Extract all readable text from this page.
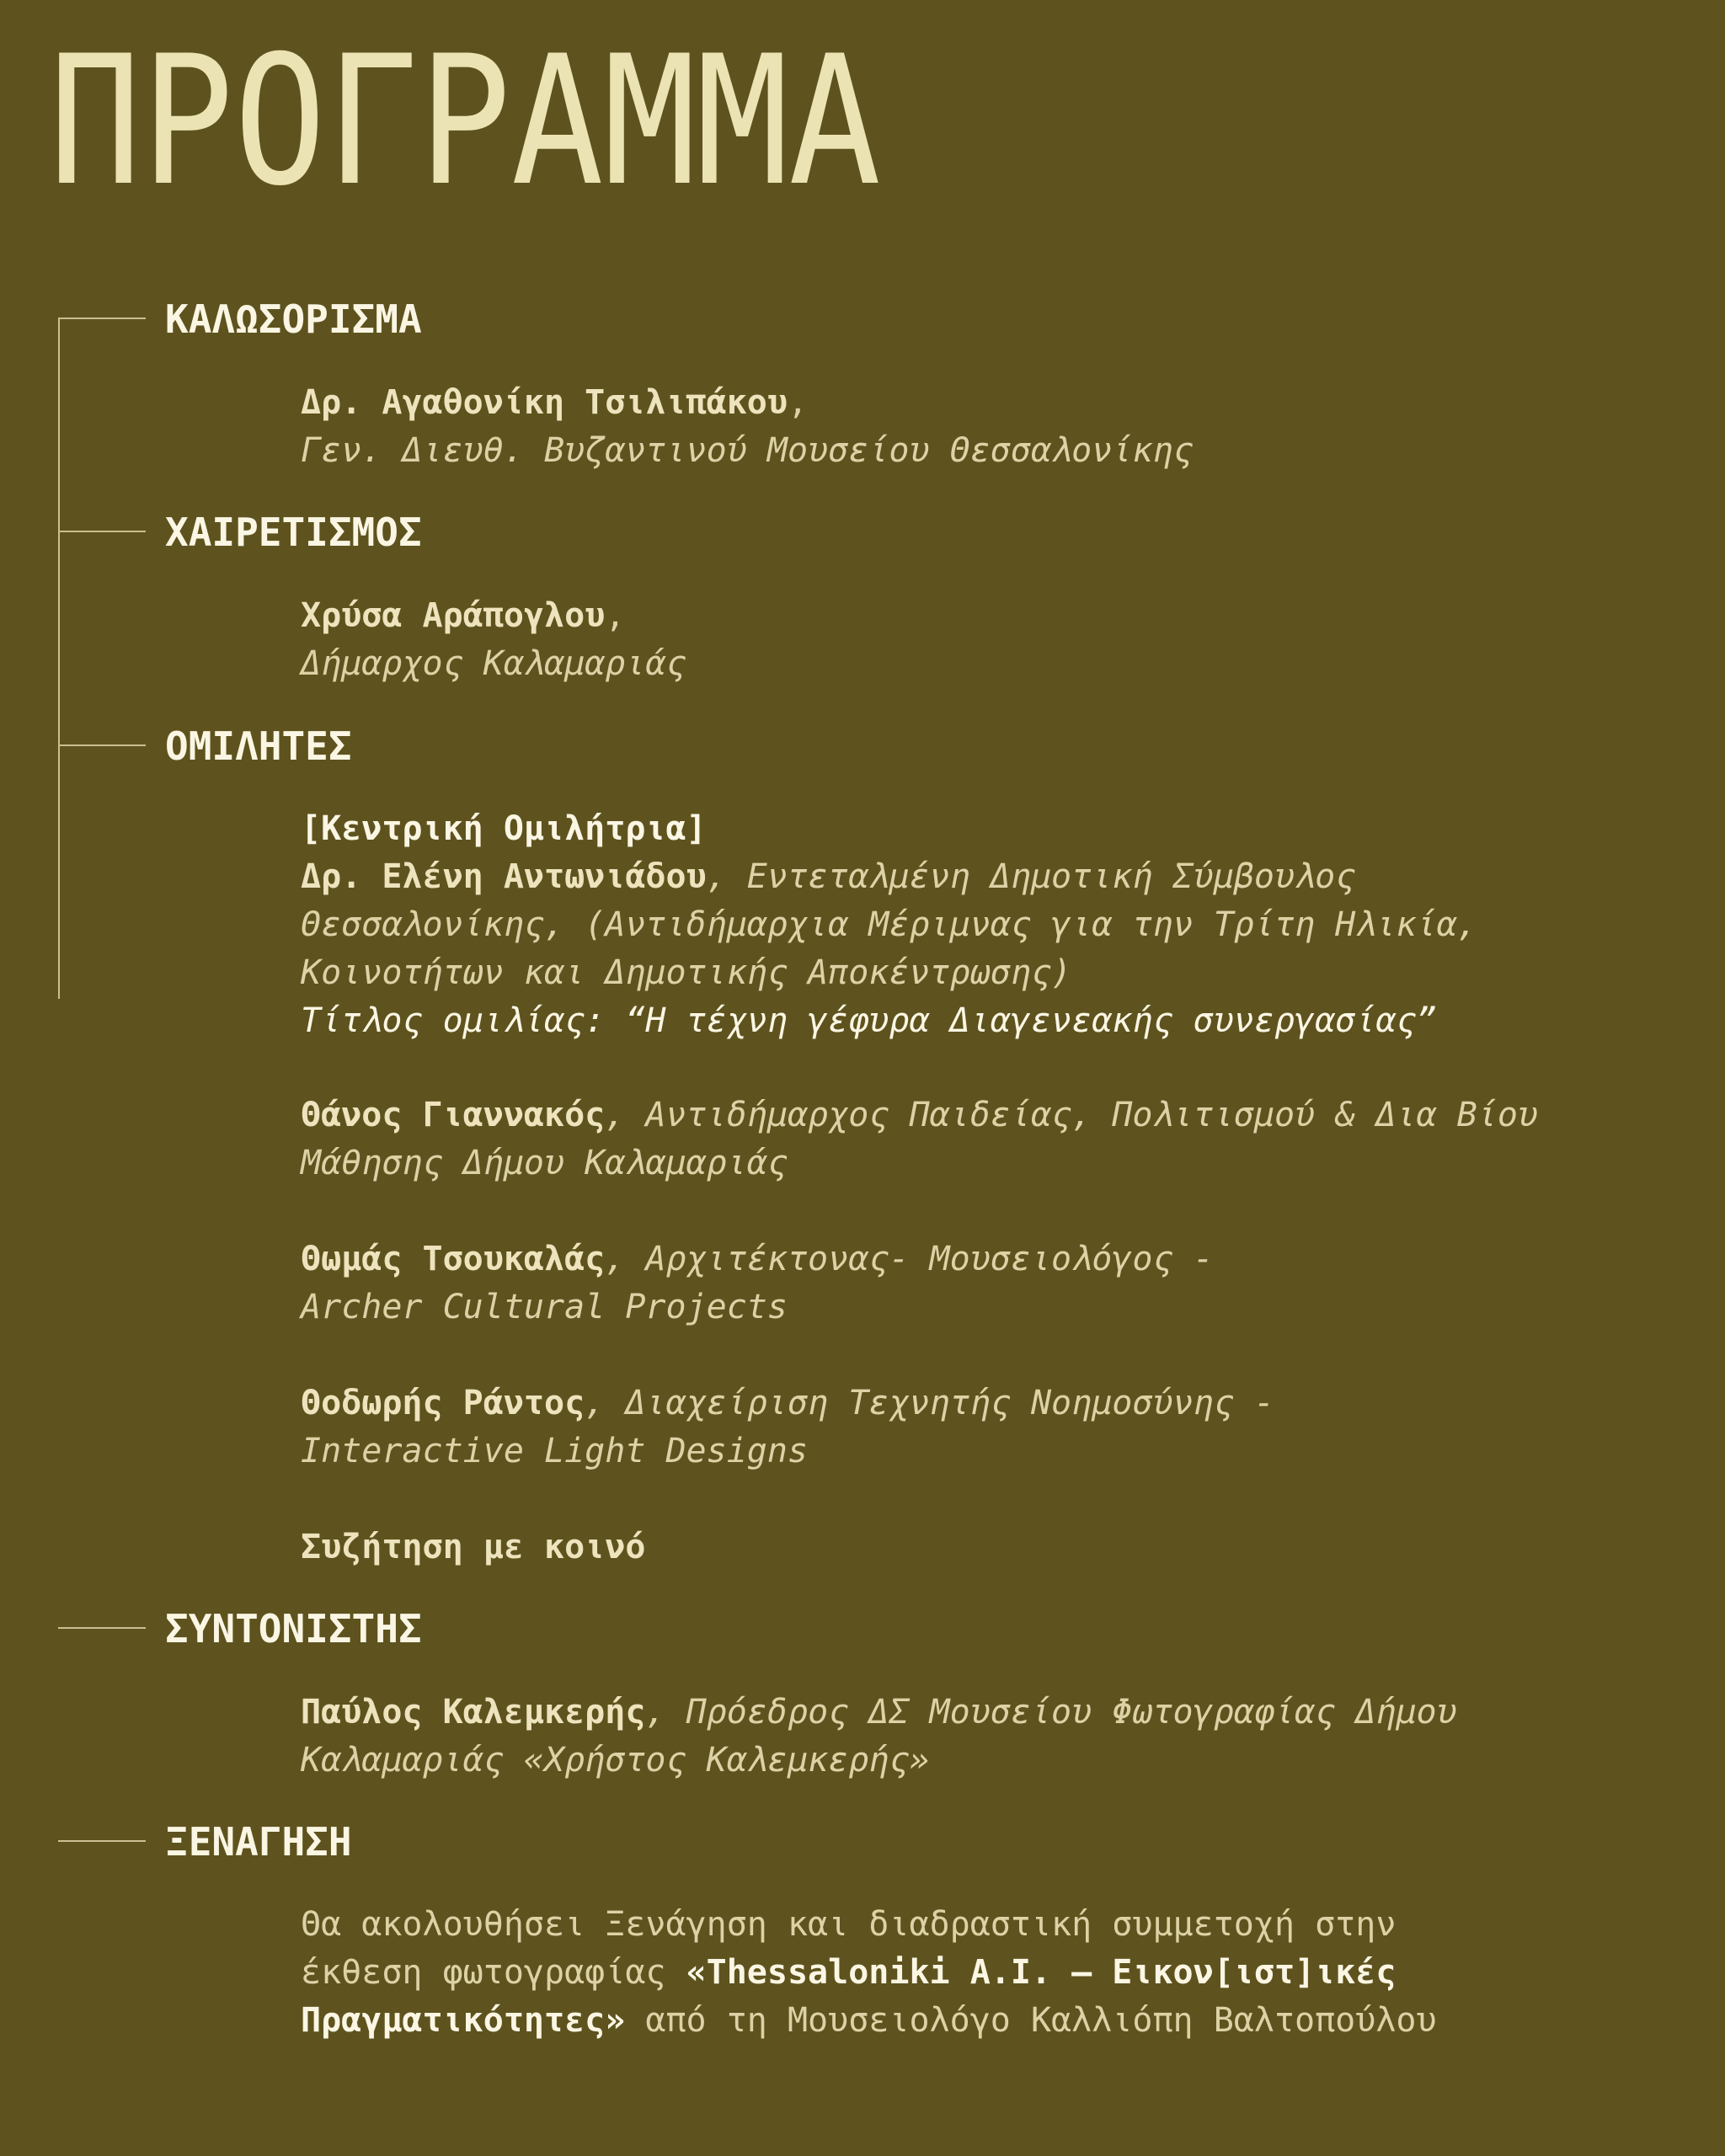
ΠΡΟΓΡΑΜΜΑ
ΚΑΛΩΣΟΡΙΣΜΑ
Δρ. Αγαθονίκη Τσιλιπάκου,
Γεν. Διευθ. Βυζαντινού Μουσείου Θεσσαλονίκης
ΧΑΙΡΕΤΙΣΜΟΣ
Χρύσα Αράπογλου,
Δήμαρχος Καλαμαριάς
ΟΜΙΛΗΤΕΣ
[Κεντρική Ομιλήτρια]
Δρ. Ελένη Αντωνιάδου, Εντεταλμένη Δημοτική Σύμβουλος
Θεσσαλονίκης, (Αντιδήμαρχια Μέριμνας για την Τρίτη Ηλικία,
Κοινοτήτων και Δημοτικής Αποκέντρωσης)
Τίτλος ομιλίας: “Η τέχνη γέφυρα Διαγενεακής συνεργασίας”
Θάνος Γιαννακός, Αντιδήμαρχος Παιδείας, Πολιτισμού & Δια Βίου
Μάθησης Δήμου Καλαμαριάς
Θωμάς Τσουκαλάς, Αρχιτέκτονας- Μουσειολόγος -
Archer Cultural Projects
Θοδωρής Ράντος, Διαχείριση Τεχνητής Νοημοσύνης -
Interactive Light Designs
Συζήτηση με κοινό
ΣΥΝΤΟΝΙΣΤΗΣ
Παύλος Καλεμκερής, Πρόεδρος ΔΣ Μουσείου Φωτογραφίας Δήμου
Καλαμαριάς «Χρήστος Καλεμκερής»
ΞΕΝΑΓΗΣΗ
Θα ακολουθήσει Ξενάγηση και διαδραστική συμμετοχή στην
έκθεση φωτογραφίας «Thessaloniki A.I. – Εικον[ιστ]ικές
Πραγματικότητες» από τη Μουσειολόγο Καλλιόπη Βαλτοπούλου
